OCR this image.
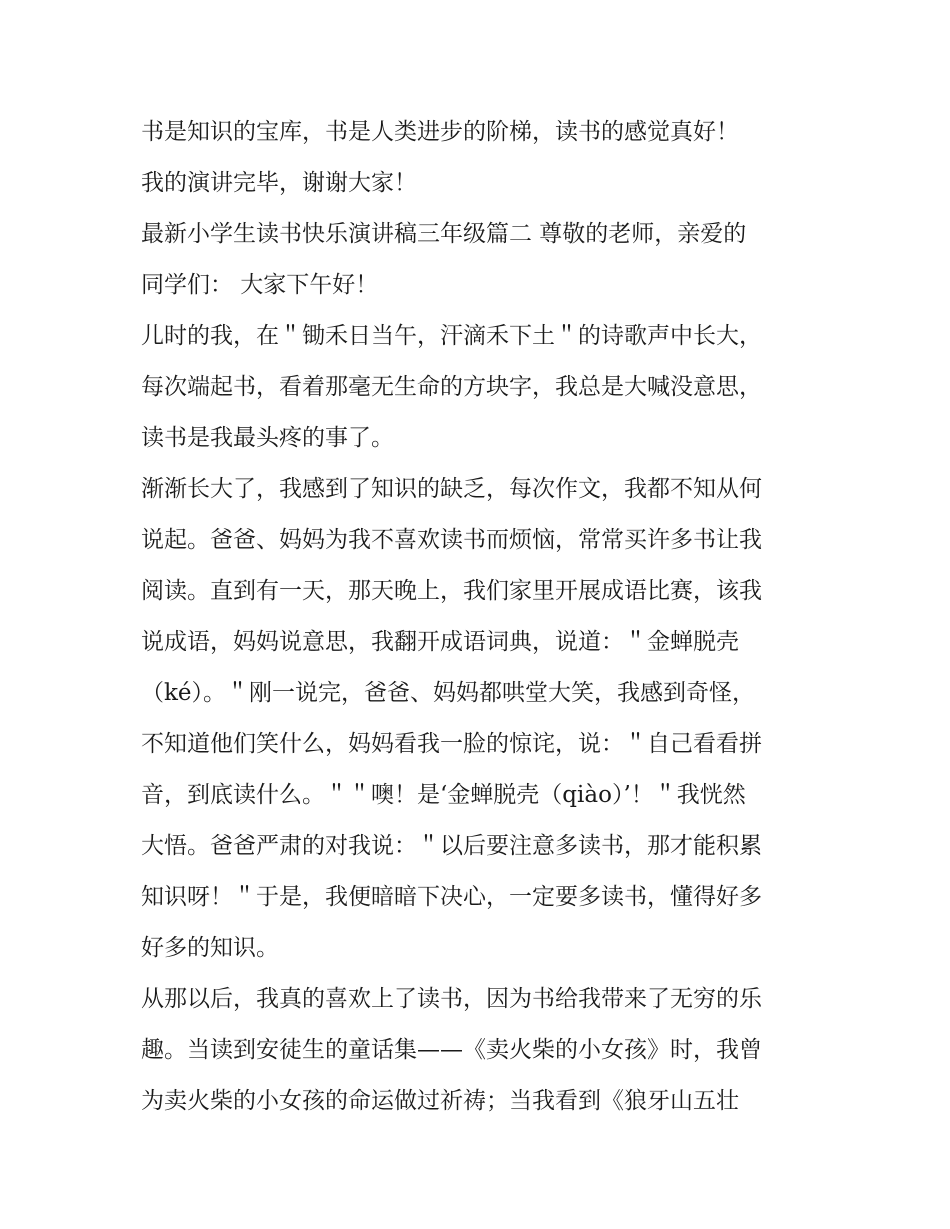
书是知识的宝库，书是人类进步的阶梯，读书的感觉真好！

我的演讲完毕，谢谢大家！

最新小学生读书快乐演讲稿三年级篇二 尊敬的老师，亲爱的
同学们： 大家下午好！

儿时的我，在＂锄禾日当午，汗滴禾下土＂的诗歌声中长大，
每次端起书，看着那毫无生命的方块字，我总是大喊没意思，
读书是我最头疼的事了。

渐渐长大了，我感到了知识的缺乏，每次作文，我都不知从何
说起。爸爸、妈妈为我不喜欢读书而烦恼，常常买许多书让我
阅读。直到有一天，那天晚上，我们家里开展成语比赛，该我
说成语，妈妈说意思，我翻开成语词典，说道：＂金蝉脱壳
（ké）。＂刚一说完，爸爸、妈妈都哄堂大笑，我感到奇怪，
不知道他们笑什么，妈妈看我一脸的惊诧，说：＂自己看看拼
音，到底读什么。＂＂噢！是‘金蝉脱壳（qiào）’！＂我恍然
大悟。爸爸严肃的对我说：＂以后要注意多读书，那才能积累
知识呀！＂于是，我便暗暗下决心，一定要多读书，懂得好多
好多的知识。

从那以后，我真的喜欢上了读书，因为书给我带来了无穷的乐
趣。当读到安徒生的童话集——《卖火柴的小女孩》时，我曾
为卖火柴的小女孩的命运做过祈祷；当我看到《狼牙山五壮
